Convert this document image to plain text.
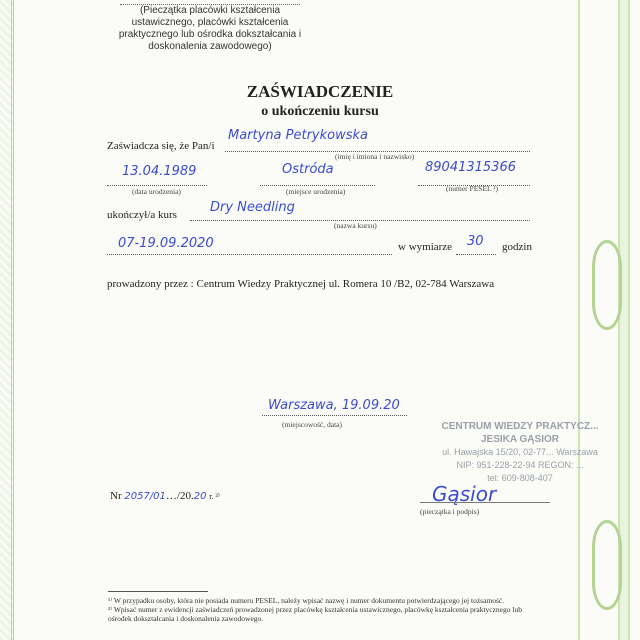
(Pieczątka placówki kształcenia ustawicznego, placówki kształcenia praktycznego lub ośrodka dokształcania i doskonalenia zawodowego)
ZAŚWIADCZENIE
o ukończeniu kursu
Zaświadcza się, że Pan/i
Martyna Petrykowska
(imię i imiona i nazwisko)
13.04.1989
(data urodzenia)
Ostróda
(miejsce urodzenia)
89041315366
(numer PESEL ¹)
ukończył/a kurs	Dry Needling
(nazwa kursu)
07-19.09.2020	w wymiarze 30 godzin
prowadzony przez : Centrum Wiedzy Praktycznej ul. Romera 10 /B2, 02-784 Warszawa
Warszawa, 19.09.20
(miejscowość, data)
Nr 2057/01…/20.20 r. ²⁾
CENTRUM WIEDZY PRAKTYCZ...
JESIKA GĄSIOR
ul. Hawajska 15/20, 02-77... Warszawa
NIP: 951-228-22-94 REGON: ...
tel: 609-808-407
Gąsior
(pieczątka i podpis)
¹⁾ W przypadku osoby, która nie posiada numeru PESEL, należy wpisać nazwę i numer dokumentu potwierdzającego jej tożsamość.
²⁾ Wpisać numer z ewidencji zaświadczeń prowadzonej przez placówkę kształcenia ustawicznego, placówkę kształcenia praktycznego lub ośrodek dokształcania i doskonalenia zawodowego.
